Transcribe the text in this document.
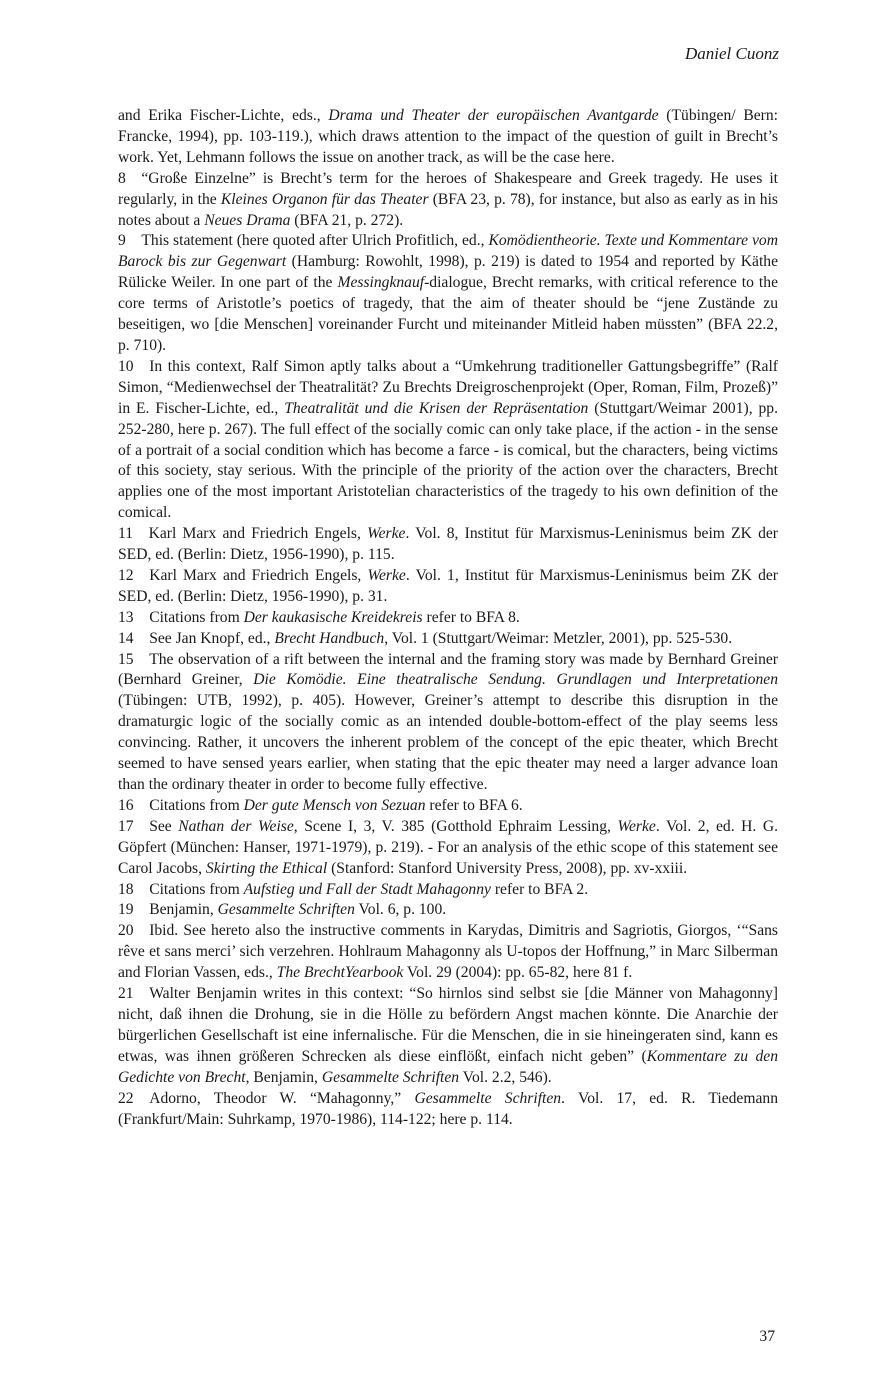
Daniel Cuonz

and Erika Fischer-Lichte, eds., Drama und Theater der europäischen Avantgarde (Tübingen/ Bern: Francke, 1994), pp. 103-119.), which draws attention to the impact of the question of guilt in Brecht’s work. Yet, Lehmann follows the issue on another track, as will be the case here.

8  “Große Einzelne” is Brecht’s term for the heroes of Shakespeare and Greek tragedy. He uses it regularly, in the Kleines Organon für das Theater (BFA 23, p. 78), for instance, but also as early as in his notes about a Neues Drama (BFA 21, p. 272).

9  This statement (here quoted after Ulrich Profitlich, ed., Komödientheorie. Texte und Kommentare vom Barock bis zur Gegenwart (Hamburg: Rowohlt, 1998), p. 219) is dated to 1954 and reported by Käthe Rülicke Weiler. In one part of the Messingknauf-dialogue, Brecht remarks, with critical reference to the core terms of Aristotle’s poetics of tragedy, that the aim of theater should be “jene Zustände zu beseitigen, wo [die Menschen] voreinander Furcht und miteinander Mitleid haben müssten” (BFA 22.2, p. 710).

10  In this context, Ralf Simon aptly talks about a “Umkehrung traditioneller Gattungsbegriffe” (Ralf Simon, “Medienwechsel der Theatralität? Zu Brechts Dreigroschenprojekt (Oper, Roman, Film, Prozeß)” in E. Fischer-Lichte, ed., Theatralität und die Krisen der Repräsentation (Stuttgart/Weimar 2001), pp. 252-280, here p. 267). The full effect of the socially comic can only take place, if the action - in the sense of a portrait of a social condition which has become a farce - is comical, but the characters, being victims of this society, stay serious. With the principle of the priority of the action over the characters, Brecht applies one of the most important Aristotelian characteristics of the tragedy to his own definition of the comical.

11  Karl Marx and Friedrich Engels, Werke. Vol. 8, Institut für Marxismus-Leninismus beim ZK der SED, ed. (Berlin: Dietz, 1956-1990), p. 115.

12  Karl Marx and Friedrich Engels, Werke. Vol. 1, Institut für Marxismus-Leninismus beim ZK der SED, ed. (Berlin: Dietz, 1956-1990), p. 31.

13  Citations from Der kaukasische Kreidekreis refer to BFA 8.

14  See Jan Knopf, ed., Brecht Handbuch, Vol. 1 (Stuttgart/Weimar: Metzler, 2001), pp. 525-530.

15  The observation of a rift between the internal and the framing story was made by Bernhard Greiner (Bernhard Greiner, Die Komödie. Eine theatralische Sendung. Grundlagen und Interpretationen (Tübingen: UTB, 1992), p. 405). However, Greiner’s attempt to describe this disruption in the dramaturgic logic of the socially comic as an intended double-bottom-effect of the play seems less convincing. Rather, it uncovers the inherent problem of the concept of the epic theater, which Brecht seemed to have sensed years earlier, when stating that the epic theater may need a larger advance loan than the ordinary theater in order to become fully effective.

16  Citations from Der gute Mensch von Sezuan refer to BFA 6.

17  See Nathan der Weise, Scene I, 3, V. 385 (Gotthold Ephraim Lessing, Werke. Vol. 2, ed. H. G. Göpfert (München: Hanser, 1971-1979), p. 219). - For an analysis of the ethic scope of this statement see Carol Jacobs, Skirting the Ethical (Stanford: Stanford University Press, 2008), pp. xv-xxiii.

18  Citations from Aufstieg und Fall der Stadt Mahagonny refer to BFA 2.

19  Benjamin, Gesammelte Schriften Vol. 6, p. 100.

20  Ibid. See hereto also the instructive comments in Karydas, Dimitris and Sagriotis, Giorgos, ‘“Sans rêve et sans merci’ sich verzehren. Hohlraum Mahagonny als U-topos der Hoffnung,” in Marc Silberman and Florian Vassen, eds., The BrechtYearbook Vol. 29 (2004): pp. 65-82, here 81 f.

21  Walter Benjamin writes in this context: “So hirnlos sind selbst sie [die Männer von Mahagonny] nicht, daß ihnen die Drohung, sie in die Hölle zu befördern Angst machen könnte. Die Anarchie der bürgerlichen Gesellschaft ist eine infernalische. Für die Menschen, die in sie hineingeraten sind, kann es etwas, was ihnen größeren Schrecken als diese einflößt, einfach nicht geben” (Kommentare zu den Gedichte von Brecht, Benjamin, Gesammelte Schriften Vol. 2.2, 546).

22  Adorno, Theodor W. “Mahagonny,” Gesammelte Schriften. Vol. 17, ed. R. Tiedemann (Frankfurt/Main: Suhrkamp, 1970-1986), 114-122; here p. 114.

37
